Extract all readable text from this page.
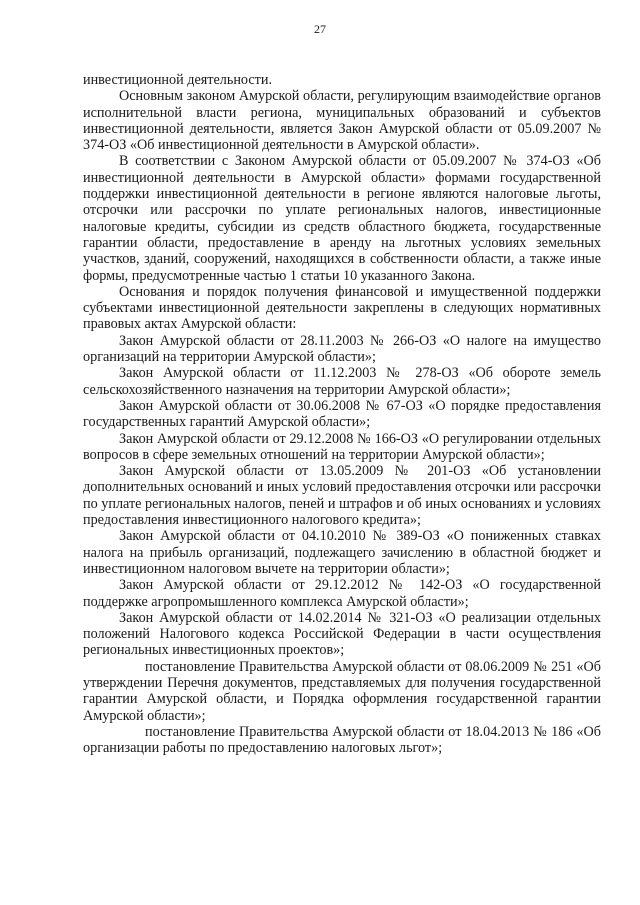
27

инвестиционной деятельности.

Основным законом Амурской области, регулирующим взаимодействие органов исполнительной власти региона, муниципальных образований и субъектов инвестиционной деятельности, является Закон Амурской области от 05.09.2007 № 374-ОЗ «Об инвестиционной деятельности в Амурской области».

В соответствии с Законом Амурской области от 05.09.2007 № 374-ОЗ «Об инвестиционной деятельности в Амурской области» формами государственной поддержки инвестиционной деятельности в регионе являются налоговые льготы, отсрочки или рассрочки по уплате региональных налогов, инвестиционные налоговые кредиты, субсидии из средств областного бюджета, государственные гарантии области, предоставление в аренду на льготных условиях земельных участков, зданий, сооружений, находящихся в собственности области, а также иные формы, предусмотренные частью 1 статьи 10 указанного Закона.

Основания и порядок получения финансовой и имущественной поддержки субъектами инвестиционной деятельности закреплены в следующих нормативных правовых актах Амурской области:

Закон Амурской области от 28.11.2003 № 266-ОЗ «О налоге на имущество организаций на территории Амурской области»;

Закон Амурской области от 11.12.2003 № 278-ОЗ «Об обороте земель сельскохозяйственного назначения на территории Амурской области»;

Закон Амурской области от 30.06.2008 № 67-ОЗ «О порядке предоставления государственных гарантий Амурской области»;

Закон Амурской области от 29.12.2008 № 166-ОЗ «О регулировании отдельных вопросов в сфере земельных отношений на территории Амурской области»;

Закон Амурской области от 13.05.2009 № 201-ОЗ «Об установлении дополнительных оснований и иных условий предоставления отсрочки или рассрочки по уплате региональных налогов, пеней и штрафов и об иных основаниях и условиях предоставления инвестиционного налогового кредита»;

Закон Амурской области от 04.10.2010 № 389-ОЗ «О пониженных ставках налога на прибыль организаций, подлежащего зачислению в областной бюджет и инвестиционном налоговом вычете на территории области»;

Закон Амурской области от 29.12.2012 № 142-ОЗ «О государственной поддержке агропромышленного комплекса Амурской области»;

Закон Амурской области от 14.02.2014 № 321-ОЗ «О реализации отдельных положений Налогового кодекса Российской Федерации в части осуществления региональных инвестиционных проектов»;

постановление Правительства Амурской области от 08.06.2009 № 251 «Об утверждении Перечня документов, представляемых для получения государственной гарантии Амурской области, и Порядка оформления государственной гарантии Амурской области»;

постановление Правительства Амурской области от 18.04.2013 № 186 «Об организации работы по предоставлению налоговых льгот»;
